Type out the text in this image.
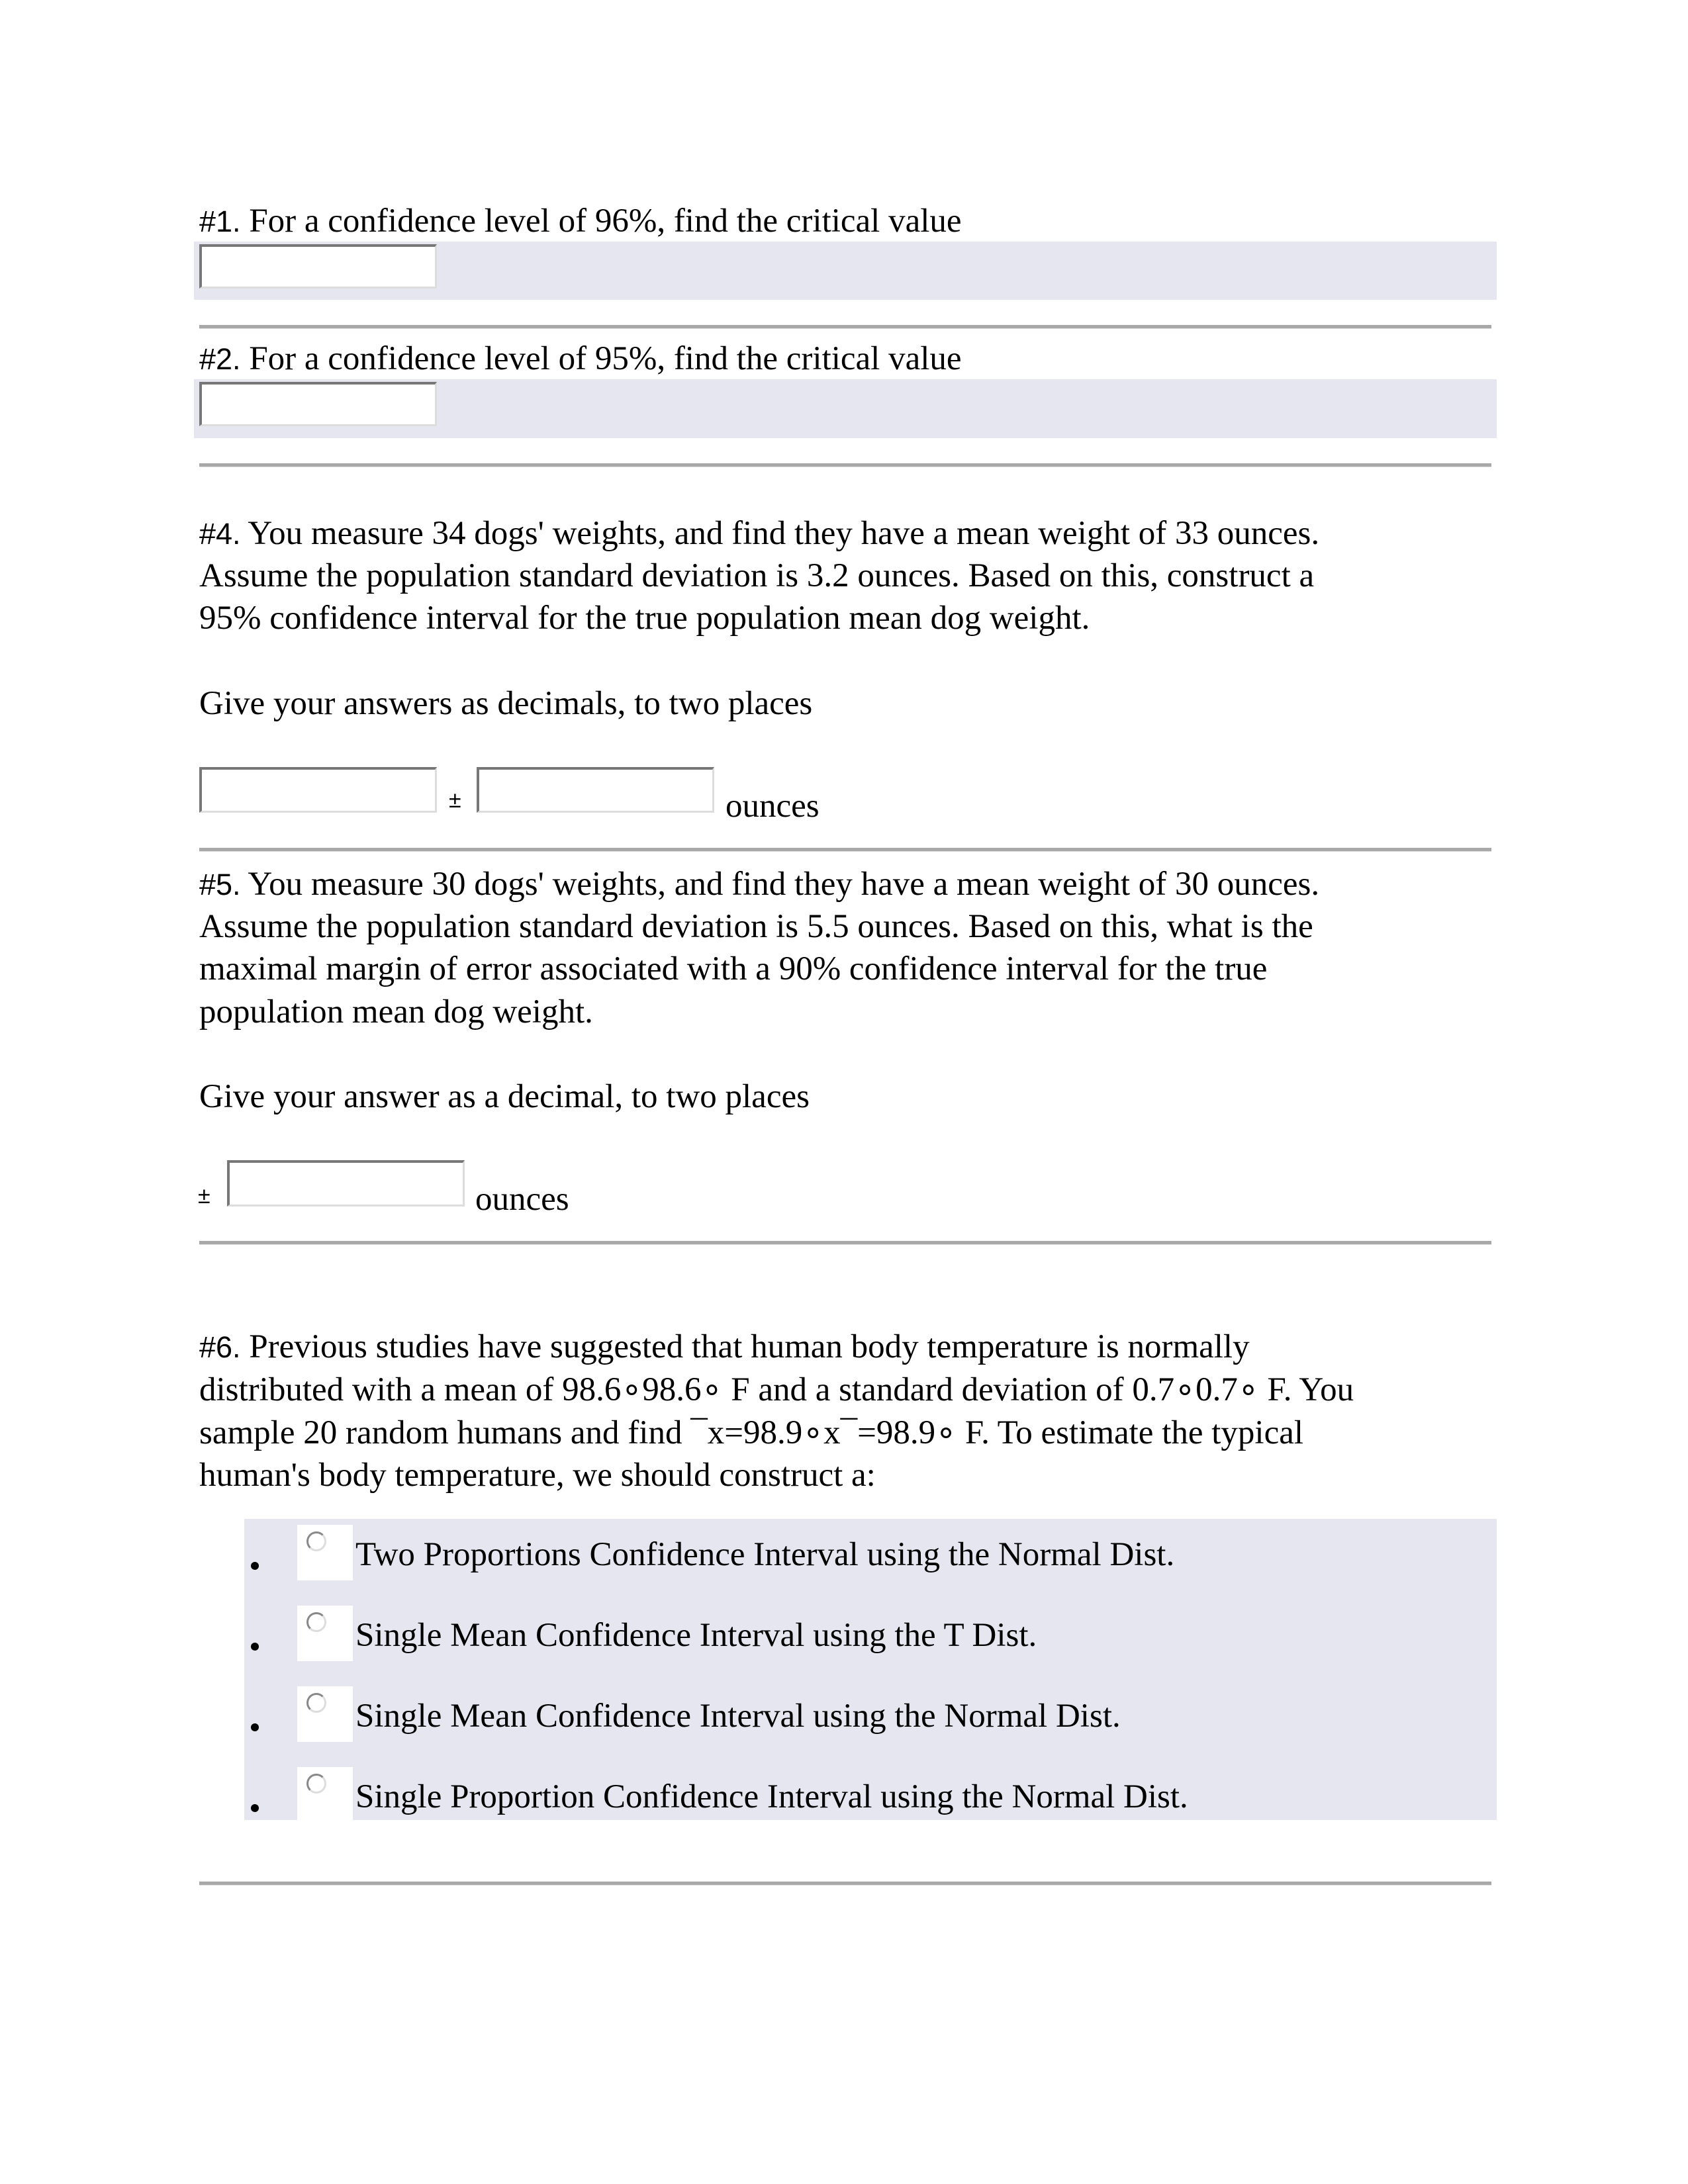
#1. For a confidence level of 96%, find the critical value
#2. For a confidence level of 95%, find the critical value
#4. You measure 34 dogs' weights, and find they have a mean weight of 33 ounces.
Assume the population standard deviation is 3.2 ounces. Based on this, construct a
95% confidence interval for the true population mean dog weight.
Give your answers as decimals, to two places
±	ounces
#5. You measure 30 dogs' weights, and find they have a mean weight of 30 ounces.
Assume the population standard deviation is 5.5 ounces. Based on this, what is the
maximal margin of error associated with a 90% confidence interval for the true
population mean dog weight.
Give your answer as a decimal, to two places
±	ounces
#6. Previous studies have suggested that human body temperature is normally
distributed with a mean of 98.6∘98.6∘ F and a standard deviation of 0.7∘0.7∘ F. You
sample 20 random humans and find ¯x=98.9∘x¯=98.9∘ F. To estimate the typical
human's body temperature, we should construct a:
Two Proportions Confidence Interval using the Normal Dist.
Single Mean Confidence Interval using the T Dist.
Single Mean Confidence Interval using the Normal Dist.
Single Proportion Confidence Interval using the Normal Dist.
